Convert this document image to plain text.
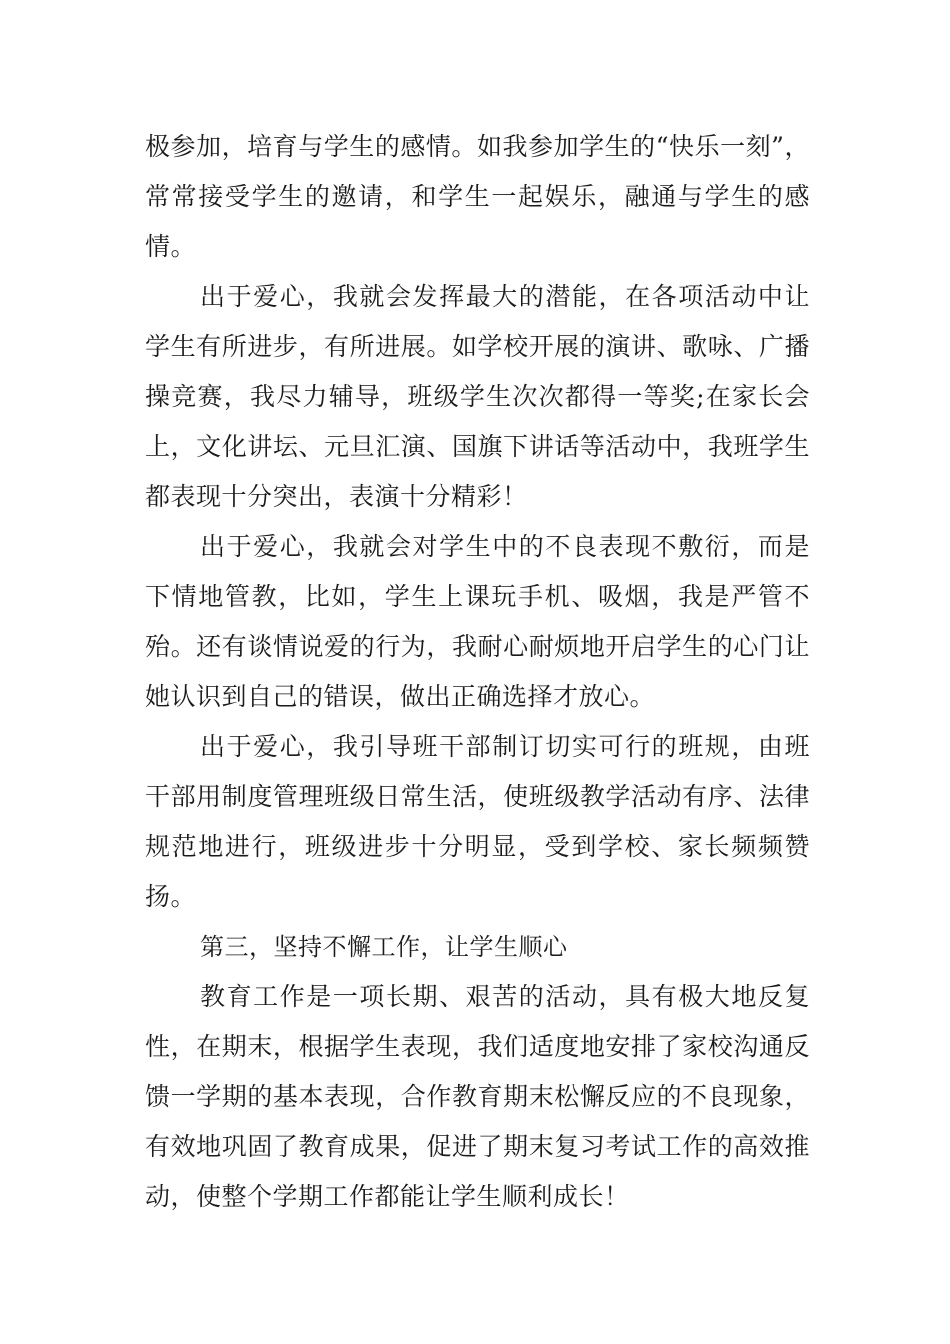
极参加，培育与学生的感情。如我参加学生的“快乐一刻”，常常接受学生的邀请，和学生一起娱乐，融通与学生的感情。

出于爱心，我就会发挥最大的潜能，在各项活动中让学生有所进步，有所进展。如学校开展的演讲、歌咏、广播操竞赛，我尽力辅导，班级学生次次都得一等奖;在家长会上，文化讲坛、元旦汇演、国旗下讲话等活动中，我班学生都表现十分突出，表演十分精彩！

出于爱心，我就会对学生中的不良表现不敷衍，而是下情地管教，比如，学生上课玩手机、吸烟，我是严管不殆。还有谈情说爱的行为，我耐心耐烦地开启学生的心门让她认识到自己的错误，做出正确选择才放心。

出于爱心，我引导班干部制订切实可行的班规，由班干部用制度管理班级日常生活，使班级教学活动有序、法律规范地进行，班级进步十分明显，受到学校、家长频频赞扬。

第三，坚持不懈工作，让学生顺心

教育工作是一项长期、艰苦的活动，具有极大地反复性，在期末，根据学生表现，我们适度地安排了家校沟通反馈一学期的基本表现，合作教育期末松懈反应的不良现象，有效地巩固了教育成果，促进了期末复习考试工作的高效推动，使整个学期工作都能让学生顺利成长！
